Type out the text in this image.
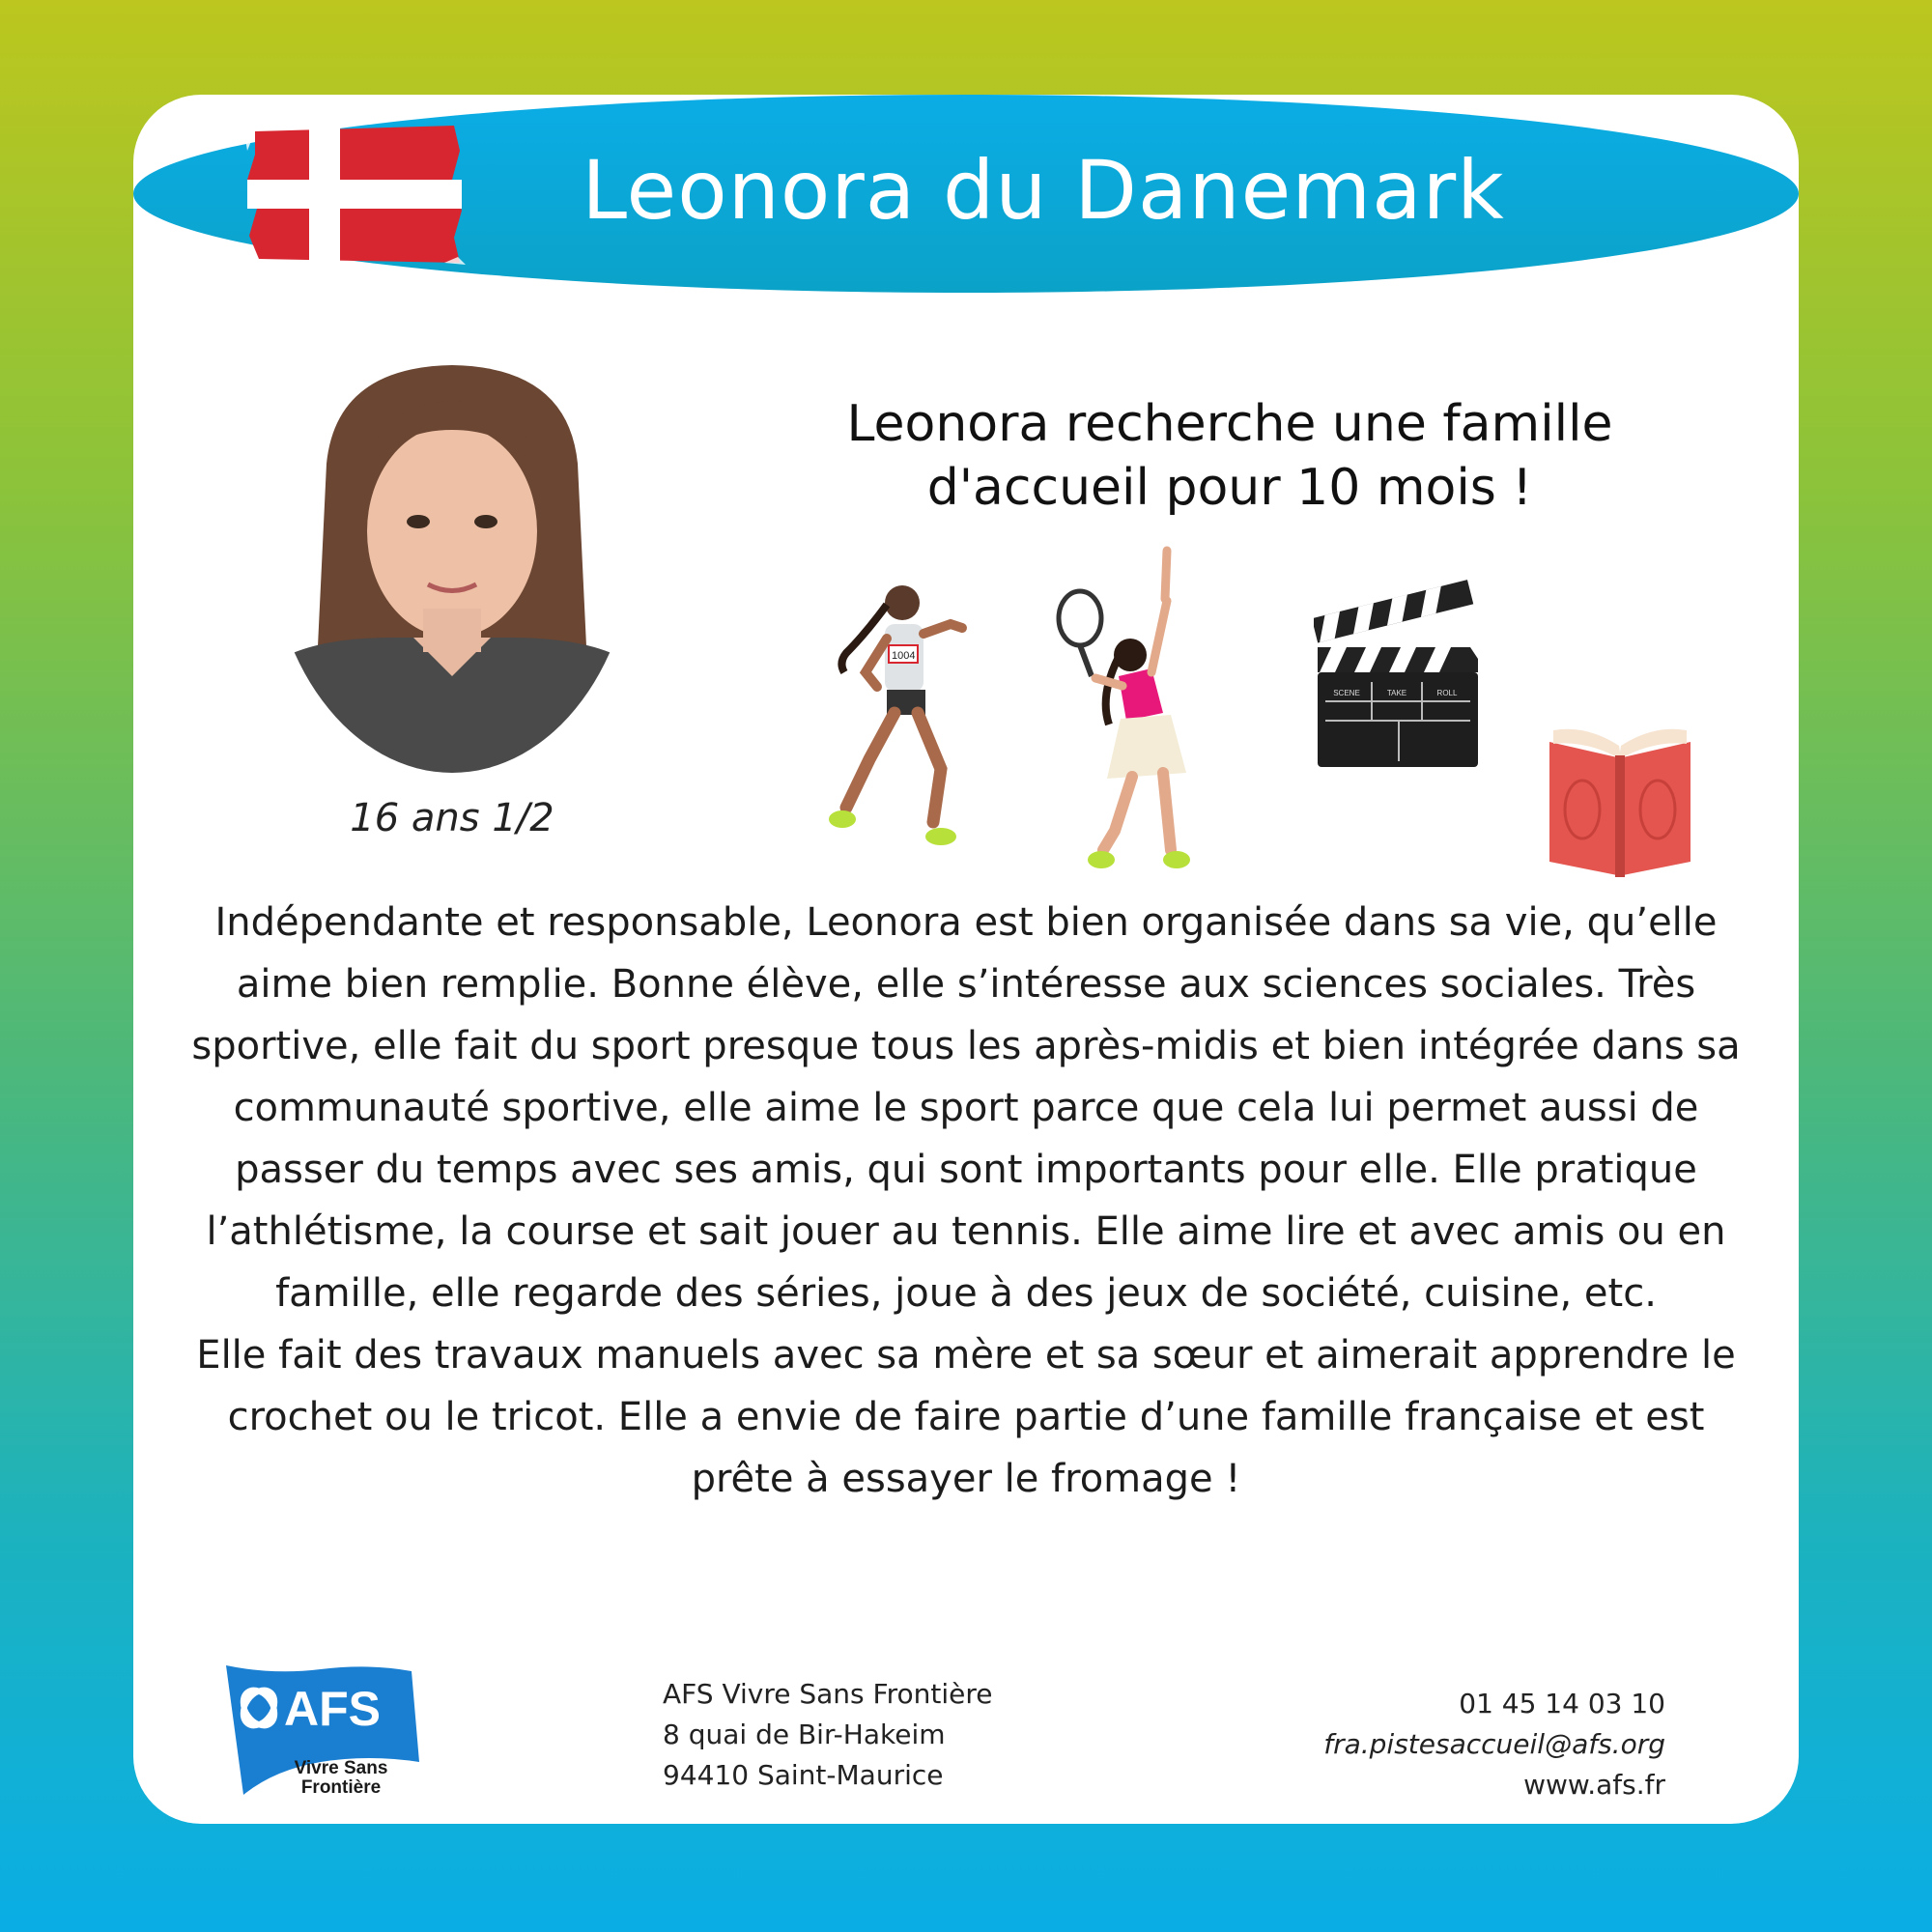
Leonora du Danemark
16 ans 1/2
Leonora recherche une famille
d'accueil pour 10 mois !
1004
SCENE	TAKE	ROLL

Indépendante et responsable, Leonora est bien organisée dans sa vie, qu’elle aime bien remplie. Bonne élève, elle s’intéresse aux sciences sociales. Très sportive, elle fait du sport presque tous les après-midis et bien intégrée dans sa communauté sportive, elle aime le sport parce que cela lui permet aussi de passer du temps avec ses amis, qui sont importants pour elle. Elle pratique l’athlétisme, la course et sait jouer au tennis. Elle aime lire et avec amis ou en famille, elle regarde des séries, joue à des jeux de société, cuisine, etc.

Elle fait des travaux manuels avec sa mère et sa sœur et aimerait apprendre le crochet ou le tricot. Elle a envie de faire partie d’une famille française et est prête à essayer le fromage !

AFS
Vivre Sans
Frontière
AFS Vivre Sans Frontière
8 quai de Bir-Hakeim
94410 Saint-Maurice
01 45 14 03 10
fra.pistesaccueil@afs.org
www.afs.fr
